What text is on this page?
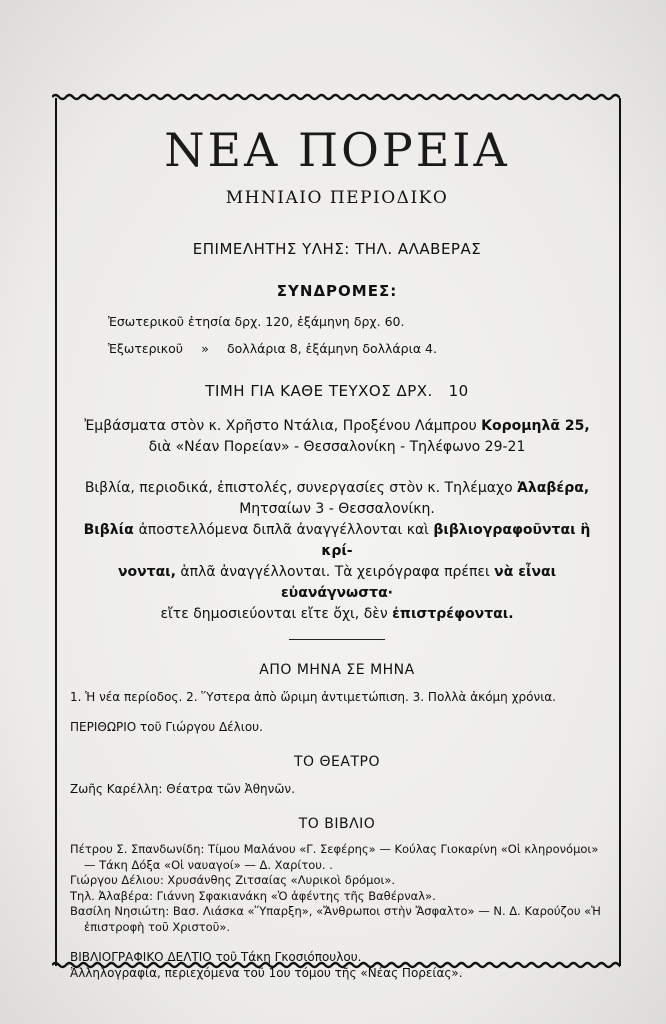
ΝΕΑ ΠΟΡΕΙΑ
ΜΗΝΙΑΙΟ ΠΕΡΙΟΔΙΚΟ
ΕΠΙΜΕΛΗΤΗΣ ΥΛΗΣ: ΤΗΛ. ΑΛΑΒΕΡΑΣ
ΣΥΝΔΡΟΜΕΣ:
Ἐσωτερικοῦ ἐτησία δρχ. 120, ἑξάμηνη δρχ. 60.
Ἐξωτερικοῦ » δολλάρια 8, ἑξάμηνη δολλάρια 4.
ΤΙΜΗ ΓΙΑ ΚΑΘΕ ΤΕΥΧΟΣ ΔΡΧ.   10
Ἐμβάσματα στὸν κ. Χρῆστο Ντάλια, Προξένου Λάμπρου Κορομηλᾶ 25,
διὰ «Νέαν Πορείαν» - Θεσσαλονίκη - Τηλέφωνο 29-21
Βιβλία, περιοδικά, ἐπιστολές, συνεργασίες στὸν κ. Τηλέμαχο Ἀλαβέρα,
Μητσαίων 3 - Θεσσαλονίκη.
Βιβλία ἀποστελλόμενα διπλᾶ ἀναγγέλλονται καὶ βιβλιογραφοῦνται ἢ κρί-
νονται, ἁπλᾶ ἀναγγέλλονται. Τὰ χειρόγραφα πρέπει νὰ εἶναι εὐανάγνωστα·
εἴτε δημοσιεύονται εἴτε ὄχι, δὲν ἐπιστρέφονται.
ΑΠΟ ΜΗΝΑ ΣΕ ΜΗΝΑ
1. Ἡ νέα περίοδος. 2. Ὕστερα ἀπὸ ὥριμη ἀντιμετώπιση. 3. Πολλὰ ἀκόμη χρόνια.
ΠΕΡΙΘΩΡΙΟ τοῦ Γιώργου Δέλιου.
ΤΟ ΘΕΑΤΡΟ
Ζωῆς Καρέλλη: Θέατρα τῶν Ἀθηνῶν.
ΤΟ ΒΙΒΛΙΟ
Πέτρου Σ. Σπανδωνίδη: Τίμου Μαλάνου «Γ. Σεφέρης» — Κούλας Γιοκαρίνη «Οἱ κληρονόμοι» — Τάκη Δόξα «Οἱ ναυαγοί» — Δ. Χαρίτου. .
Γιώργου Δέλιου: Χρυσάνθης Ζιτσαίας «Λυρικοὶ δρόμοι».
Τηλ. Ἀλαβέρα: Γιάννη Σφακιανάκη «Ὁ ἀφέντης τῆς Βαθέρναλ».
Βασίλη Νησιώτη: Βασ. Λιάσκα «Ὕπαρξη», «Ἄνθρωποι στὴν Ἄσφαλτο» — Ν. Δ. Καρούζου «Ἡ ἐπιστροφὴ τοῦ Χριστοῦ».
ΒΙΒΛΙΟΓΡΑΦΙΚΟ ΔΕΛΤΙΟ τοῦ Τάκη Γκοσιόπουλου.
Ἀλληλογραφία, περιεχόμενα τοῦ 1ου τόμου τῆς «Νέας Πορείας».
